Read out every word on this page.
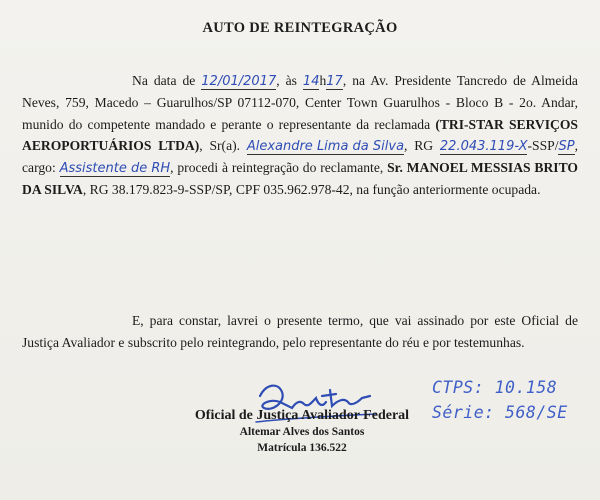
AUTO DE REINTEGRAÇÃO
Na data de 12/01/2017, às 14h17, na Av. Presidente Tancredo de Almeida Neves, 759, Macedo – Guarulhos/SP 07112-070, Center Town Guarulhos - Bloco B - 2o. Andar, munido do competente mandado e perante o representante da reclamada (TRI-STAR SERVIÇOS AEROPORTUÁRIOS LTDA), Sr(a). Alexandre Lima da Silva, RG 22.043.119-X-SSP/SP, cargo: Assistente de RH, procedi à reintegração do reclamante, Sr. MANOEL MESSIAS BRITO DA SILVA, RG 38.179.823-9-SSP/SP, CPF 035.962.978-42, na função anteriormente ocupada.
E, para constar, lavrei o presente termo, que vai assinado por este Oficial de Justiça Avaliador e subscrito pelo reintegrando, pelo representante do réu e por testemunhas.
Oficial de Justiça Avaliador Federal
Altemar Alves dos Santos
Matrícula 136.522
CTPS: 10.158
Série: 568/SE
